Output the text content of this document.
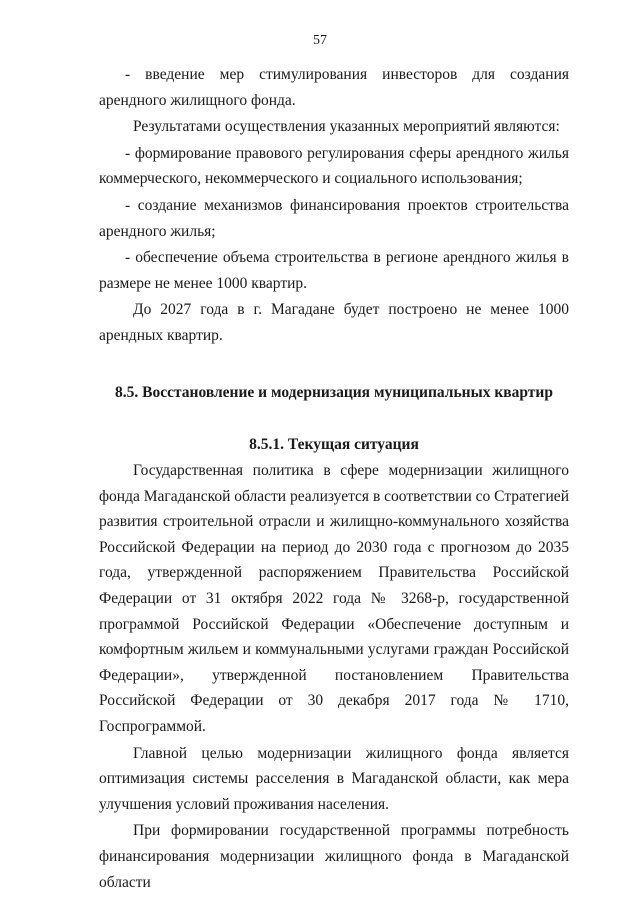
57

- введение мер стимулирования инвесторов для создания арендного жилищного фонда.

Результатами осуществления указанных мероприятий являются:

- формирование правового регулирования сферы арендного жилья коммерческого, некоммерческого и социального использования;

- создание механизмов финансирования проектов строительства арендного жилья;

- обеспечение объема строительства в регионе арендного жилья в размере не менее 1000 квартир.

До 2027 года в г. Магадане будет построено не менее 1000 арендных квартир.

8.5. Восстановление и модернизация муниципальных квартир
8.5.1. Текущая ситуация

Государственная политика в сфере модернизации жилищного фонда Магаданской области реализуется в соответствии со Стратегией развития строительной отрасли и жилищно-коммунального хозяйства Российской Федерации на период до 2030 года с прогнозом до 2035 года, утвержденной распоряжением Правительства Российской Федерации от 31 октября 2022 года № 3268-р, государственной программой Российской Федерации «Обеспечение доступным и комфортным жильем и коммунальными услугами граждан Российской Федерации», утвержденной постановлением Правительства Российской Федерации от 30 декабря 2017 года № 1710, Госпрограммой.

Главной целью модернизации жилищного фонда является оптимизация системы расселения в Магаданской области, как мера улучшения условий проживания населения.

При формировании государственной программы потребность финансирования модернизации жилищного фонда в Магаданской области
